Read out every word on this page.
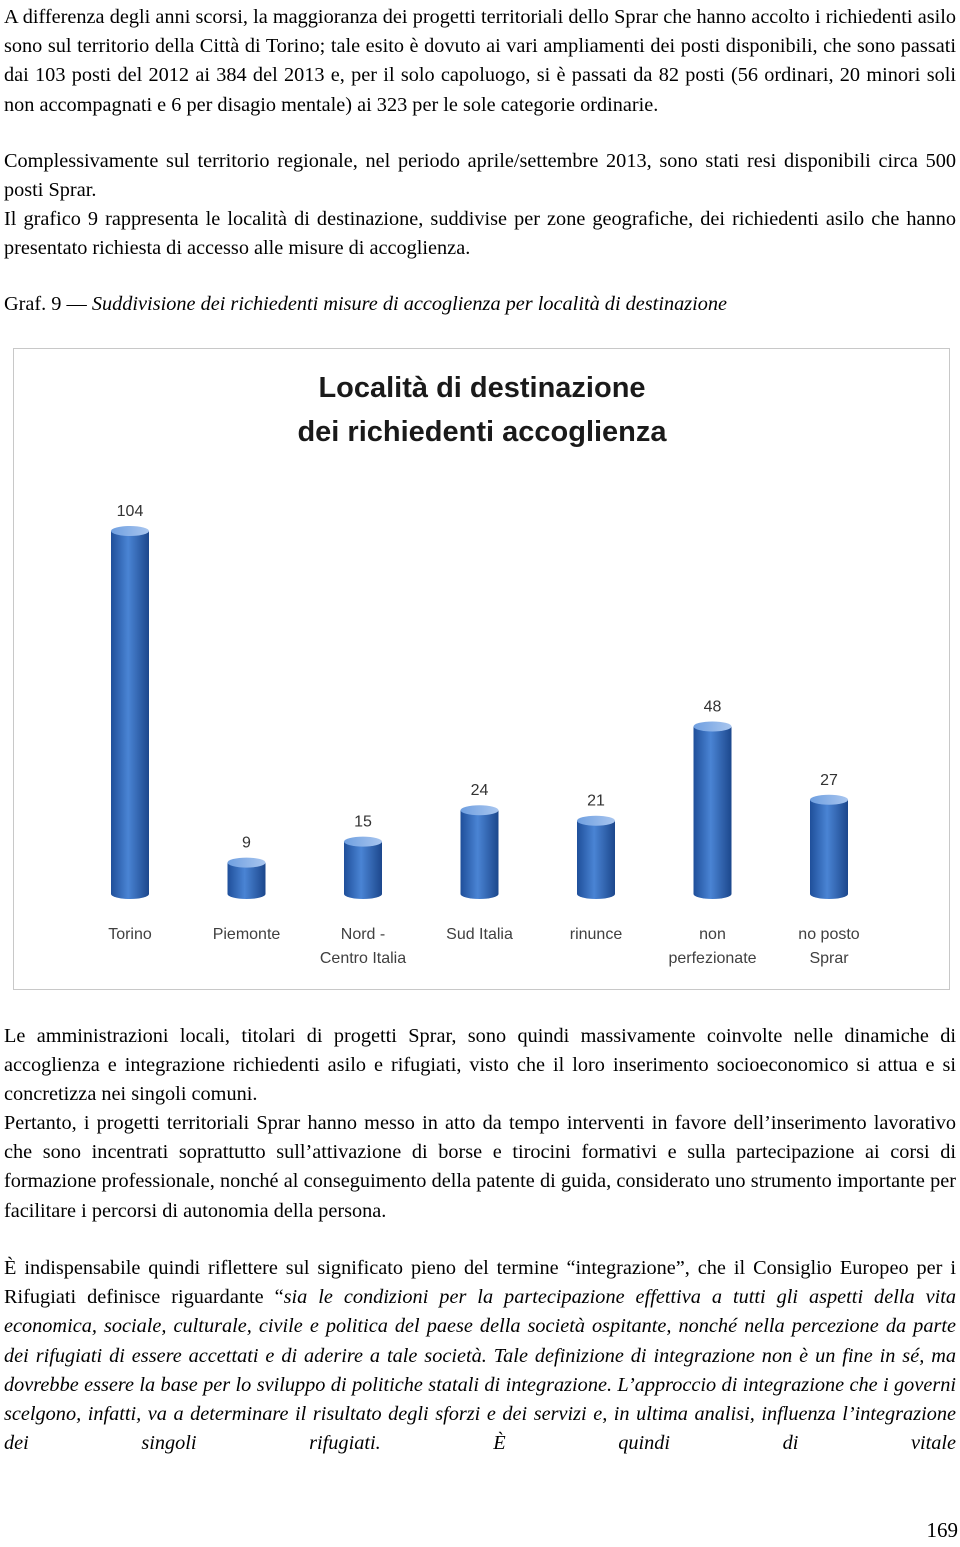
A differenza degli anni scorsi, la maggioranza dei progetti territoriali dello Sprar che hanno accolto i richiedenti asilo sono sul territorio della Città di Torino; tale esito è dovuto ai vari ampliamenti dei posti disponibili, che sono passati dai 103 posti del 2012 ai 384 del 2013 e, per il solo capoluogo, si è passati da 82 posti (56 ordinari, 20 minori soli non accompagnati e 6 per disagio mentale) ai 323 per le sole categorie ordinarie.

Complessivamente sul territorio regionale, nel periodo aprile/settembre 2013, sono stati resi disponibili circa 500 posti Sprar.

Il grafico 9 rappresenta le località di destinazione, suddivise per zone geografiche, dei richiedenti asilo che hanno presentato richiesta di accesso alle misure di accoglienza.

Graf. 9 — Suddivisione dei richiedenti misure di accoglienza per località di destinazione

Località di destinazione
dei richiedenti accoglienza
104
9
15
24
21
48
27
Torino	Piemonte	Nord -
Centro Italia
Sud Italia	rinunce	non
perfezionate
no posto
Sprar

Le amministrazioni locali, titolari di progetti Sprar, sono quindi massivamente coinvolte nelle dinamiche di accoglienza e integrazione richiedenti asilo e rifugiati, visto che il loro inserimento socioeconomico si attua e si concretizza nei singoli comuni.

Pertanto, i progetti territoriali Sprar hanno messo in atto da tempo interventi in favore dell’inserimento lavorativo che sono incentrati soprattutto sull’attivazione di borse e tirocini formativi e sulla partecipazione ai corsi di formazione professionale, nonché al conseguimento della patente di guida, considerato uno strumento importante per facilitare i percorsi di autonomia della persona.

È indispensabile quindi riflettere sul significato pieno del termine “integrazione”, che il Consiglio Europeo per i Rifugiati definisce riguardante “sia le condizioni per la partecipazione effettiva a tutti gli aspetti della vita economica, sociale, culturale, civile e politica del paese della società ospitante, nonché nella percezione da parte dei rifugiati di essere accettati e di aderire a tale società. Tale definizione di integrazione non è un fine in sé, ma dovrebbe essere la base per lo sviluppo di politiche statali di integrazione. L’approccio di integrazione che i governi scelgono, infatti, va a determinare il risultato degli sforzi e dei servizi e, in ultima analisi, influenza l’integrazione dei singoli rifugiati. È quindi di vitale

169
